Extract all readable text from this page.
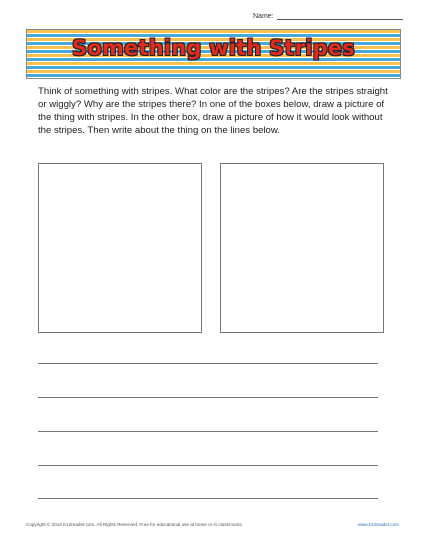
Name:
Something with Stripes

Think of something with stripes. What color are the stripes? Are the stripes straight or wiggly? Why are the stripes there? In one of the boxes below, draw a picture of the thing with stripes. In the other box, draw a picture of how it would look without the stripes. Then write about the thing on the lines below.

Copyright © 2014 K12reader.com. All Rights Reserved. Free for educational use at home or in classrooms.	www.k12reader.com
